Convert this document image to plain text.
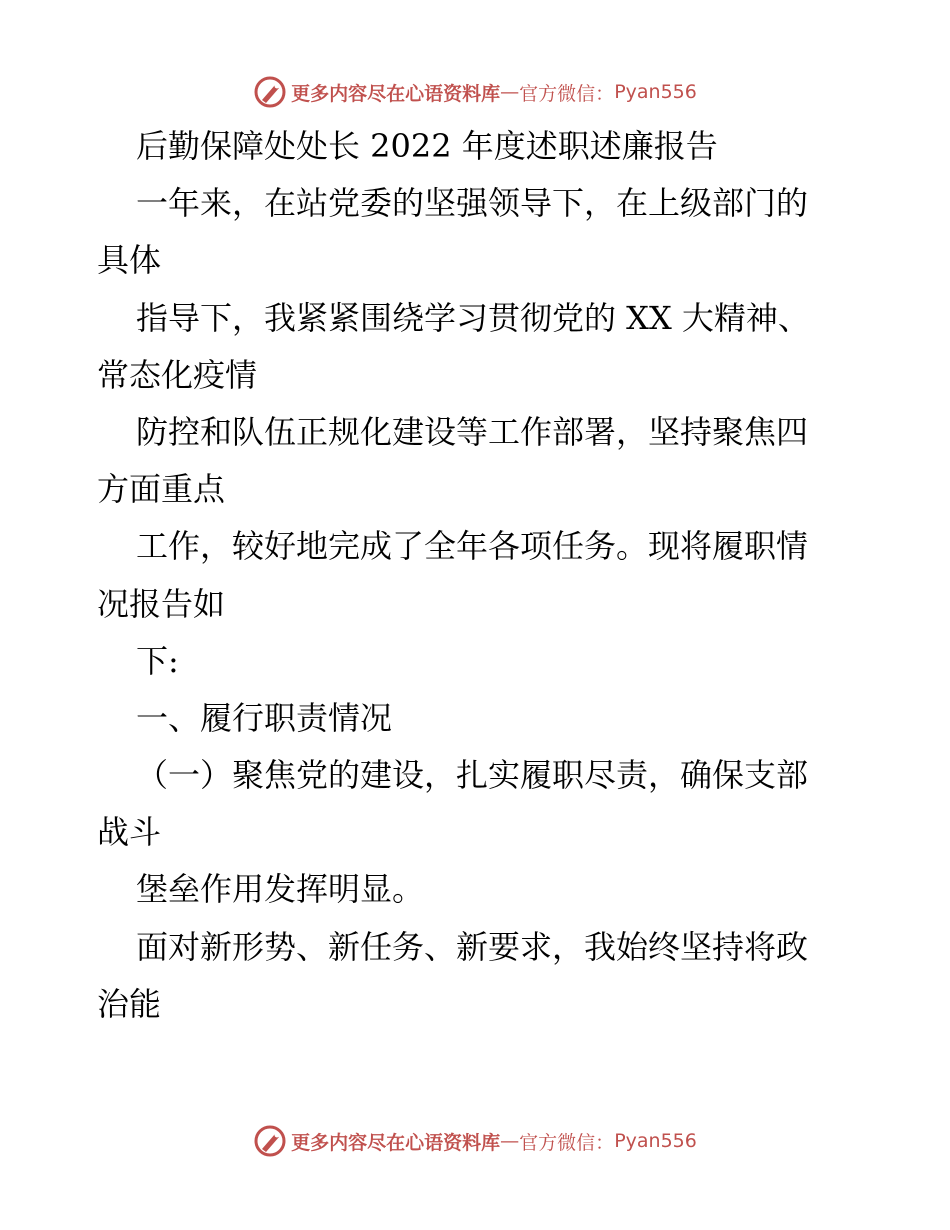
更多内容尽在心语资料库 — 官方微信： Pyan556
后勤保障处处长 2022 年度述职述廉报告
一年来，在站党委的坚强领导下，在上级部门的
具体
指导下，我紧紧围绕学习贯彻党的 XX 大精神、
常态化疫情
防控和队伍正规化建设等工作部署，坚持聚焦四
方面重点
工作，较好地完成了全年各项任务。现将履职情
况报告如
下:
一、履行职责情况
（一）聚焦党的建设，扎实履职尽责，确保支部
战斗
堡垒作用发挥明显。
面对新形势、新任务、新要求，我始终坚持将政
治能
更多内容尽在心语资料库 — 官方微信： Pyan556
